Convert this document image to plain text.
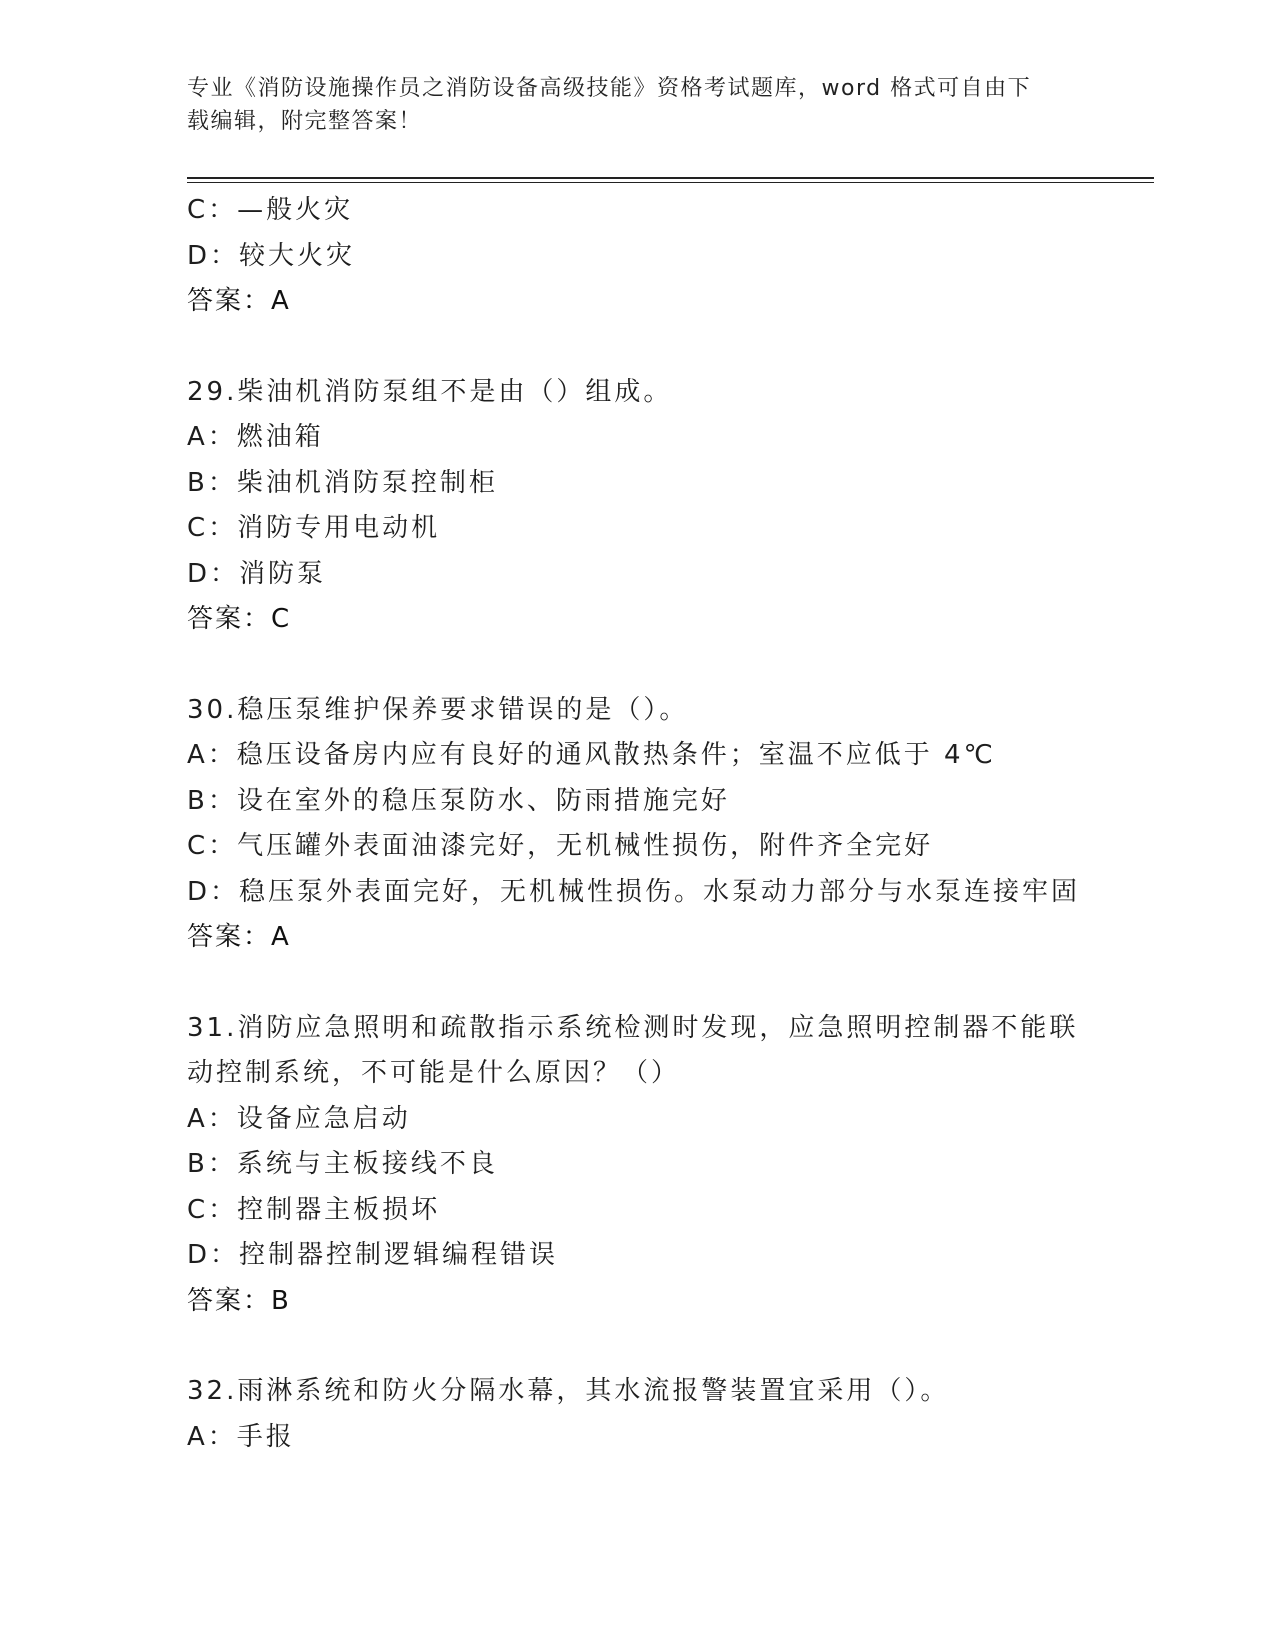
专业《消防设施操作员之消防设备高级技能》资格考试题库，word 格式可自由下
载编辑，附完整答案！
C：—般火灾
D：较大火灾
答案：A
29.柴油机消防泵组不是由（）组成。
A：燃油箱
B：柴油机消防泵控制柜
C：消防专用电动机
D：消防泵
答案：C
30.稳压泵维护保养要求错误的是（）。
A：稳压设备房内应有良好的通风散热条件；室温不应低于 4℃
B：设在室外的稳压泵防水、防雨措施完好
C：气压罐外表面油漆完好，无机械性损伤，附件齐全完好
D：稳压泵外表面完好，无机械性损伤。水泵动力部分与水泵连接牢固
答案：A
31.消防应急照明和疏散指示系统检测时发现，应急照明控制器不能联
动控制系统，不可能是什么原因？（）
A：设备应急启动
B：系统与主板接线不良
C：控制器主板损坏
D：控制器控制逻辑编程错误
答案：B
32.雨淋系统和防火分隔水幕，其水流报警装置宜采用（）。
A：手报
